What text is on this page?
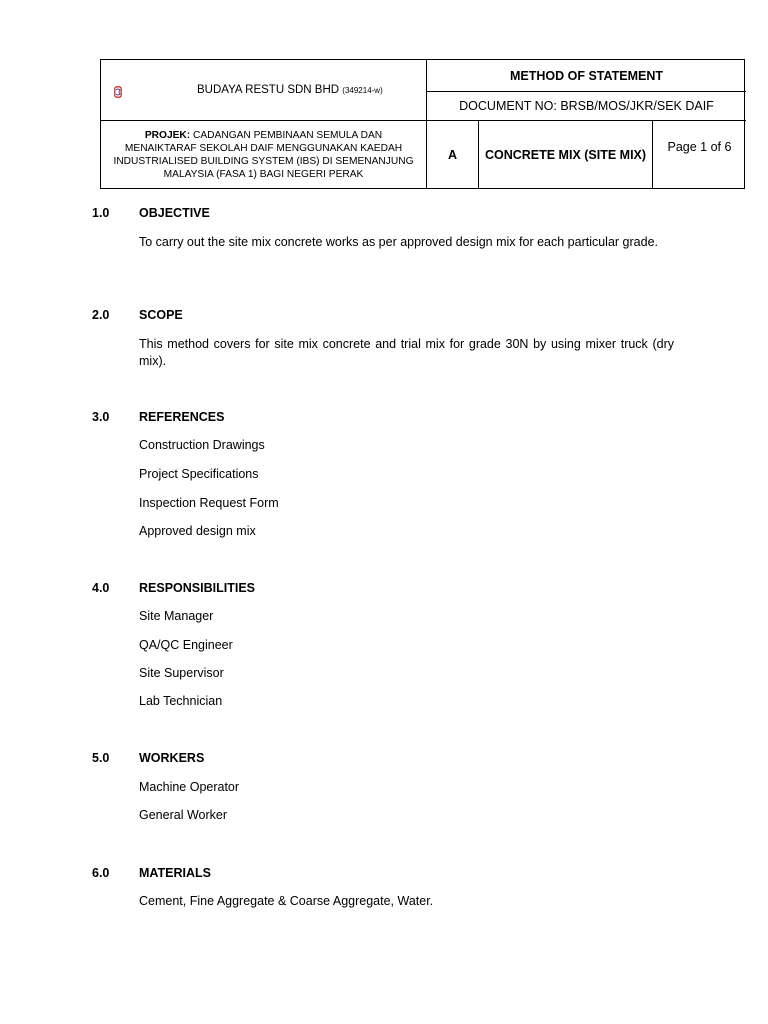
BUDAYA RESTU SDN BHD (349214-w)
METHOD OF STATEMENT
DOCUMENT NO: BRSB/MOS/JKR/SEK DAIF
PROJEK: CADANGAN PEMBINAAN SEMULA DAN MENAIKTARAF SEKOLAH DAIF MENGGUNAKAN KAEDAH INDUSTRIALISED BUILDING SYSTEM (IBS) DI SEMENANJUNG MALAYSIA (FASA 1) BAGI NEGERI PERAK
A	CONCRETE MIX (SITE MIX)
Page 1 of 6
1.0 OBJECTIVE
To carry out the site mix concrete works as per approved design mix for each particular grade.
2.0 SCOPE
This method covers for site mix concrete and trial mix for grade 30N by using mixer truck (dry mix).
3.0 REFERENCES
Construction Drawings
Project Specifications
Inspection Request Form
Approved design mix
4.0 RESPONSIBILITIES
Site Manager
QA/QC Engineer
Site Supervisor
Lab Technician
5.0 WORKERS
Machine Operator
General Worker
6.0 MATERIALS
Cement, Fine Aggregate & Coarse Aggregate, Water.
